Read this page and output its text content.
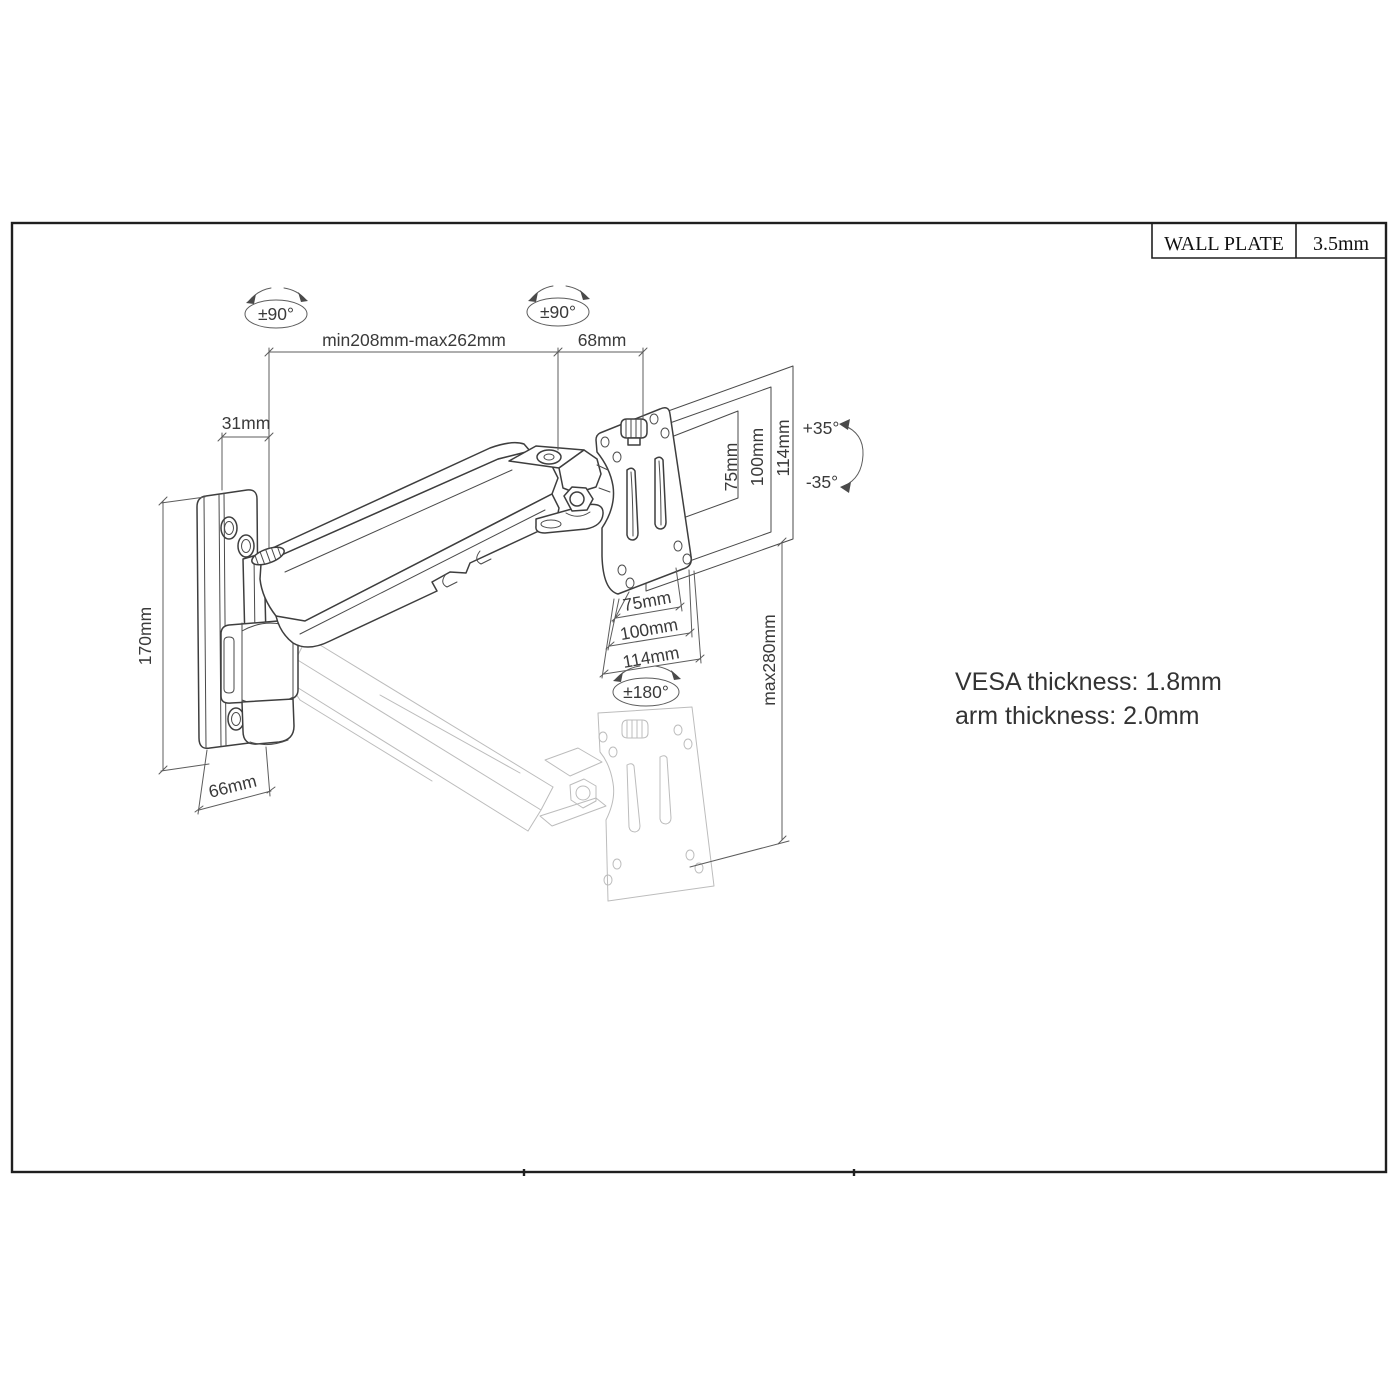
min208mm-max262mm	68mm
31mm
170mm
66mm
75mm
100mm
114mm
±180°
75mm 100mm 114mm +35°
-35°
max280mm
±90°	±90°
VESA thickness: 1.8mm
arm thickness: 2.0mm
WALL PLATE 3.5mm
